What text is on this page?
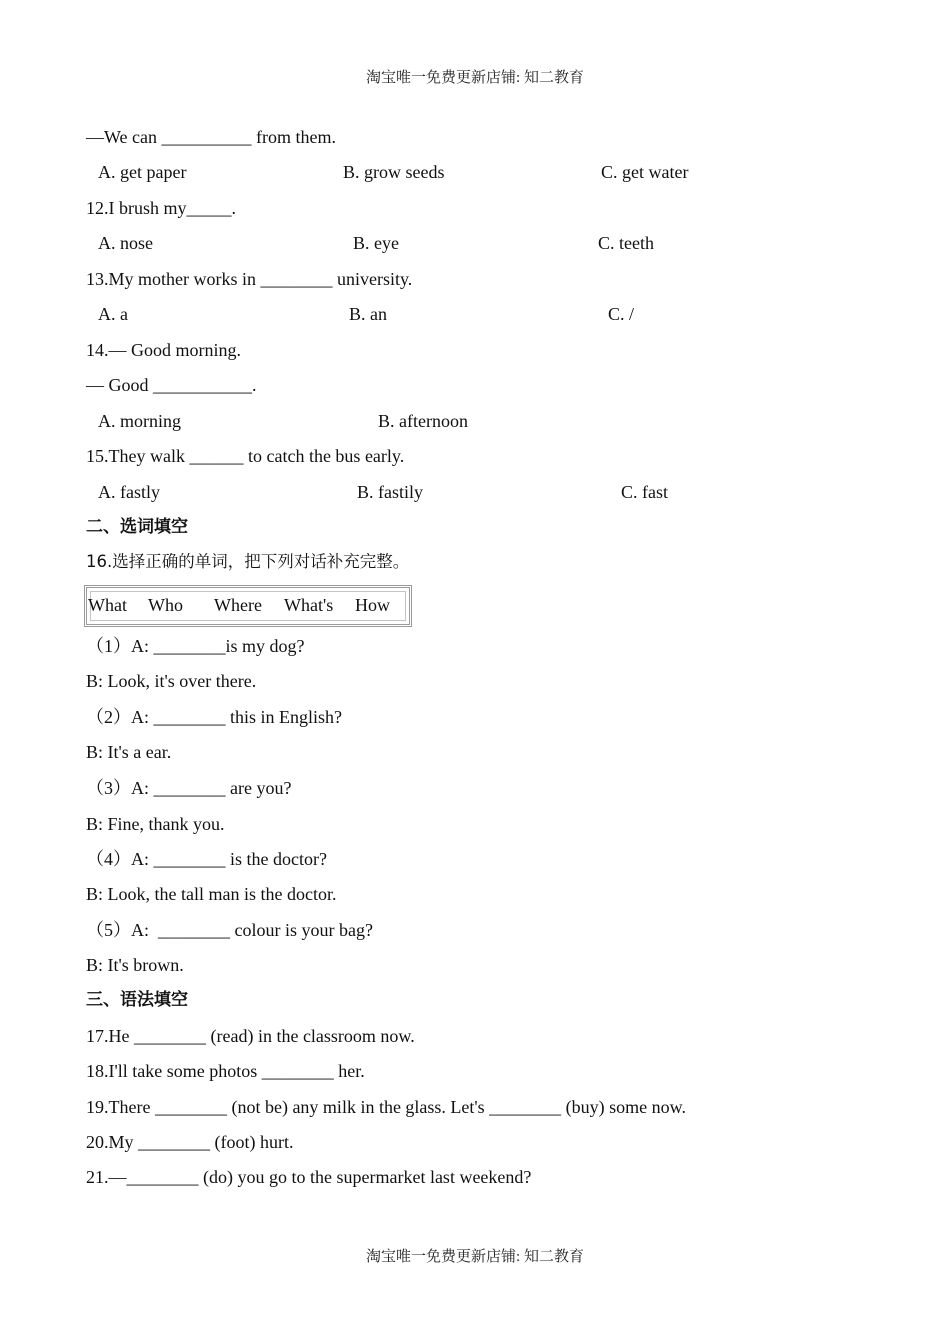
淘宝唯一免费更新店铺: 知二教育
—We can __________ from them.
A. get paper	B. grow seeds	C. get water
12.I brush my_____.
A. nose	B. eye	C. teeth
13.My mother works in ________ university.
A. a	B. an	C. /
14.— Good morning.
— Good ___________.
A. morning	B. afternoon
15.They walk ______ to catch the bus early.
A. fastly	B. fastily	C. fast
二、选词填空
16.选择正确的单词，把下列对话补充完整。
What Who Where What's How
（1）A: ________is my dog?
B: Look, it's over there.
（2）A: ________ this in English?
B: It's a ear.
（3）A: ________ are you?
B: Fine, thank you.
（4）A: ________ is the doctor?
B: Look, the tall man is the doctor.
（5）A:  ________ colour is your bag?
B: It's brown.
三、语法填空
17.He ________ (read) in the classroom now.
18.I'll take some photos ________ her.
19.There ________ (not be) any milk in the glass. Let's ________ (buy) some now.
20.My ________ (foot) hurt.
21.—________ (do) you go to the supermarket last weekend?
淘宝唯一免费更新店铺: 知二教育
